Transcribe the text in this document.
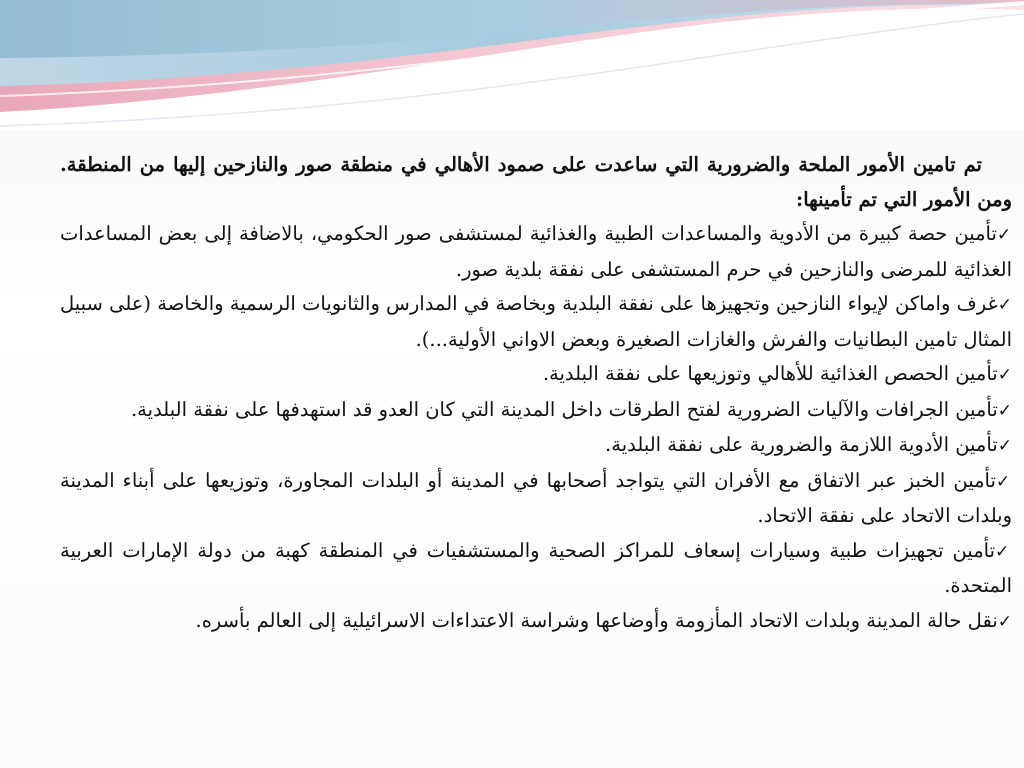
تم تامين الأمور الملحة والضرورية التي ساعدت على صمود الأهالي في منطقة صور والنازحين إليها من المنطقة. ومن الأمور التي تم تأمينها:

✓تأمين حصة كبيرة من الأدوية والمساعدات الطبية والغذائية لمستشفى صور الحكومي، بالاضافة إلى بعض المساعدات الغذائية للمرضى والنازحين في حرم المستشفى على نفقة بلدية صور.
✓غرف واماكن لإيواء النازحين وتجهيزها على نفقة البلدية وبخاصة في المدارس والثانويات الرسمية والخاصة (على سبيل المثال تامين البطانيات والفرش والغازات الصغيرة وبعض الاواني الأولية...).
✓تأمين الحصص الغذائية للأهالي وتوزيعها على نفقة البلدية.
✓تأمين الجرافات والآليات الضرورية لفتح الطرقات داخل المدينة التي كان العدو قد استهدفها على نفقة البلدية.
✓تأمين الأدوية اللازمة والضرورية على نفقة البلدية.
✓تأمين الخبز عبر الاتفاق مع الأفران التي يتواجد أصحابها في المدينة أو البلدات المجاورة، وتوزيعها على أبناء المدينة وبلدات الاتحاد على نفقة الاتحاد.
✓تأمين تجهيزات طبية وسيارات إسعاف للمراكز الصحية والمستشفيات في المنطقة كهبة من دولة الإمارات العربية المتحدة.
✓نقل حالة المدينة وبلدات الاتحاد المأزومة وأوضاعها وشراسة الاعتداءات الاسرائيلية إلى العالم بأسره.
